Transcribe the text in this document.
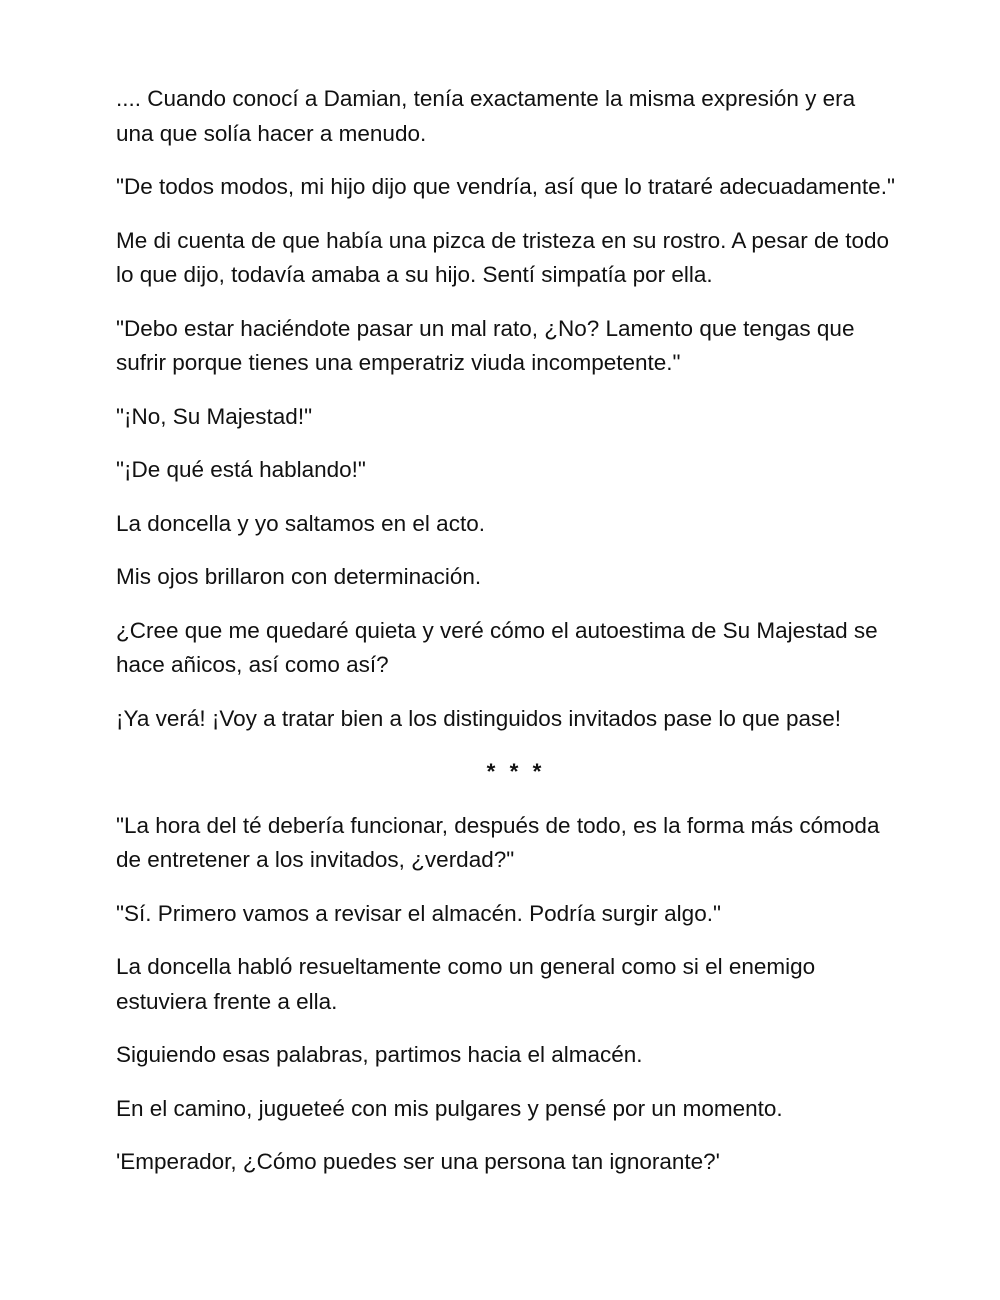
.... Cuando conocí a Damian, tenía exactamente la misma expresión y era una que solía hacer a menudo.

"De todos modos, mi hijo dijo que vendría, así que lo trataré adecuadamente."

Me di cuenta de que había una pizca de tristeza en su rostro. A pesar de todo lo que dijo, todavía amaba a su hijo. Sentí simpatía por ella.

"Debo estar haciéndote pasar un mal rato, ¿No? Lamento que tengas que sufrir porque tienes una emperatriz viuda incompetente."

"¡No, Su Majestad!"

"¡De qué está hablando!"

La doncella y yo saltamos en el acto.

Mis ojos brillaron con determinación.

¿Cree que me quedaré quieta y veré cómo el autoestima de Su Majestad se hace añicos, así como así?

¡Ya verá! ¡Voy a tratar bien a los distinguidos invitados pase lo que pase!

* * *

"La hora del té debería funcionar, después de todo, es la forma más cómoda de entretener a los invitados, ¿verdad?"

"Sí. Primero vamos a revisar el almacén. Podría surgir algo."

La doncella habló resueltamente como un general como si el enemigo estuviera frente a ella.

Siguiendo esas palabras, partimos hacia el almacén.

En el camino, jugueteé con mis pulgares y pensé por un momento.

'Emperador, ¿Cómo puedes ser una persona tan ignorante?'
